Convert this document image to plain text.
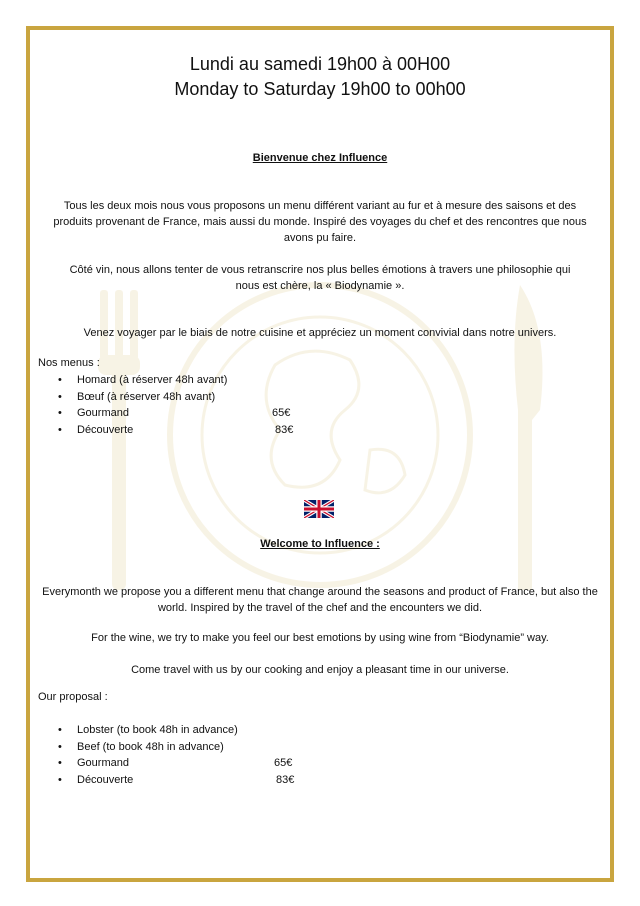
Lundi au samedi 19h00 à 00H00
Monday to Saturday 19h00 to 00h00
Bienvenue chez Influence
Tous les deux mois nous vous proposons un menu différent variant au fur et à mesure des saisons et des produits provenant de France, mais aussi du monde. Inspiré des voyages du chef et des rencontres que nous avons pu faire.
Côté vin, nous allons tenter de vous retranscrire nos plus belles émotions à travers une philosophie qui nous est chère, la « Biodynamie ».
Venez voyager par le biais de notre cuisine et appréciez un moment convivial dans notre univers.
Nos menus :
• Homard (à réserver 48h avant)
• Bœuf (à réserver 48h avant)
• Gourmand	65€
• Découverte	83€
Welcome to Influence :
Everymonth we propose you a different menu that change around the seasons and product of France, but also the world. Inspired by the travel of the chef and the encounters we did.
For the wine, we try to make you feel our best emotions by using wine from “Biodynamie” way.
Come travel with us by our cooking and enjoy a pleasant time in our universe.
Our proposal :
• Lobster (to book 48h in advance)
• Beef (to book 48h in advance)
• Gourmand	65€
• Découverte	83€
